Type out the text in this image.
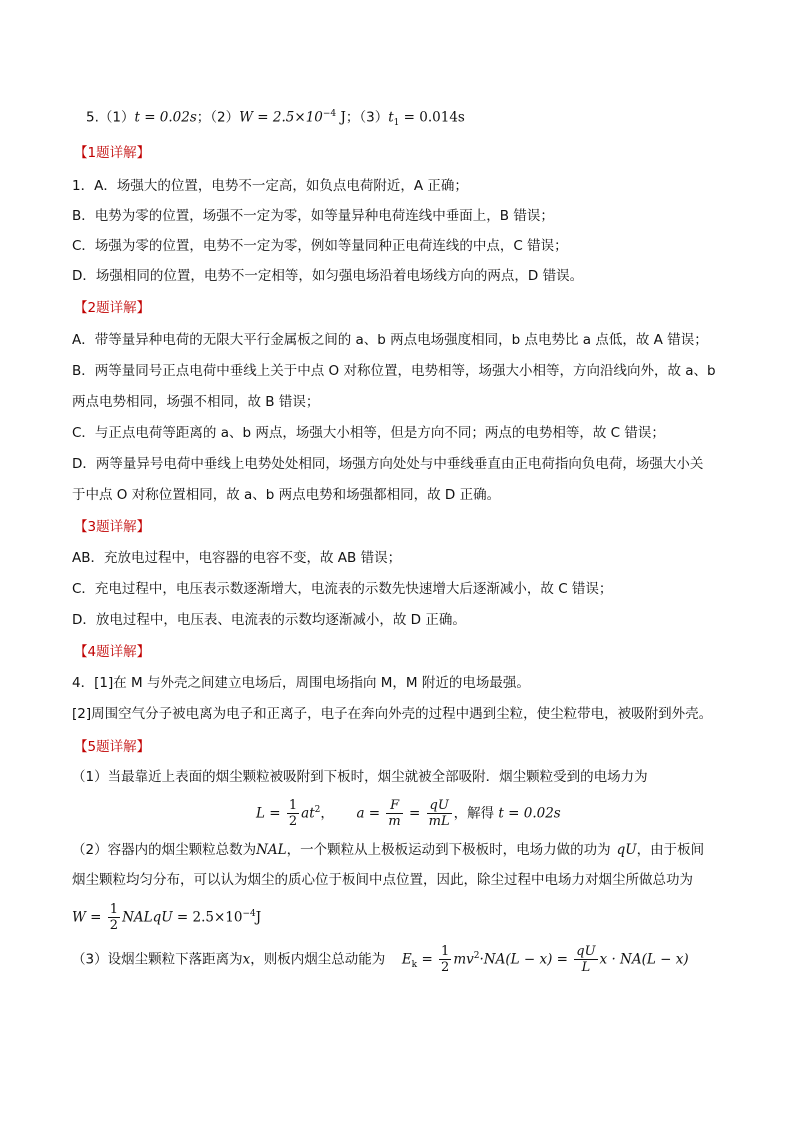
5.（1）t = 0.02s；$(2)W = 2.5\times 10^{-4}$ J；$(3)t_1 = 0.014s$
【1题详解】
1．A．场强大的位置，电势不一定高，如负点电荷附近，A 正确；
B．电势为零的位置，场强不一定为零，如等量异种电荷连线中垂面上，B 错误；
C．场强为零的位置，电势不一定为零，例如等量同种正电荷连线的中点，C 错误；
D．场强相同的位置，电势不一定相等，如匀强电场沿着电场线方向的两点，D 错误。
【2题详解】
A．带等量异种电荷的无限大平行金属板之间的 a、b 两点电场强度相同，b 点电势比 a 点低，故 A 错误；
B．两等量同号正点电荷中垂线上关于中点 O 对称位置，电势相等，场强大小相等，方向沿线向外，故 a、b
两点电势相同，场强不相同，故 B 错误；
C．与正点电荷等距离的 a、b 两点，场强大小相等，但是方向不同；两点的电势相等，故 C 错误；
D．两等量异号电荷中垂线上电势处处相同，场强方向处处与中垂线垂直由正电荷指向负电荷，场强大小关
于中点 O 对称位置相同，故 a、b 两点电势和场强都相同，故 D 正确。
【3题详解】
AB．充放电过程中，电容器的电容不变，故 AB 错误；
C．充电过程中，电压表示数逐渐增大，电流表的示数先快速增大后逐渐减小，故 C 错误；
D．放电过程中，电压表、电流表的示数均逐渐减小，故 D 正确。
【4题详解】
4．[1]在 M 与外壳之间建立电场后，周围电场指向 M，M 附近的电场最强。
[2]周围空气分子被电离为电子和正离子，电子在奔向外壳的过程中遇到尘粒，使尘粒带电，被吸附到外壳。
【5题详解】
（1）当最靠近上表面的烟尘颗粒被吸附到下板时，烟尘就被全部吸附．烟尘颗粒受到的电场力为
$L = \frac{1}{2} at^2$， $a = \frac{F}{m} = \frac{qU}{mL}$ ，解得 t = 0.02s
（2）容器内的烟尘颗粒总数为NAL，一个颗粒从上极板运动到下极板时，电场力做的功为 qU，由于板间
烟尘颗粒均匀分布，可以认为烟尘的质心位于板间中点位置，因此，除尘过程中电场力对烟尘所做总功为
$W = \frac{1}{2}$ NALqU = $2.5\times 10^{-4}J$
（3）设烟尘颗粒下落距离为x，则板内烟尘总动能为 $E_k = \frac{1}{2} mv^2\cdot NA(L - x) = \frac{qU}{L}$ x · NA(L − x)
